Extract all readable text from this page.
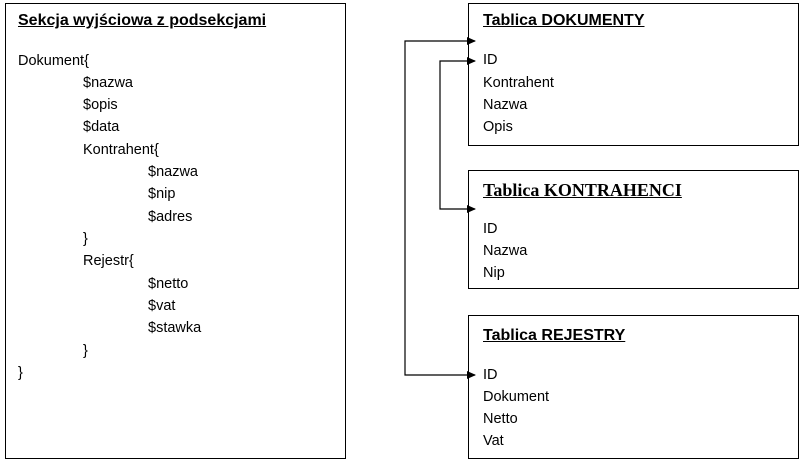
Sekcja wyjściowa z podsekcjami
Dokument{
$nazwa
$opis
$data
Kontrahent{
$nazwa
$nip
$adres
}
Rejestr{
$netto
$vat
$stawka
}
}
Tablica DOKUMENTY
ID
Kontrahent
Nazwa
Opis
Tablica KONTRAHENCI
ID
Nazwa
Nip
Tablica REJESTRY
ID
Dokument
Netto
Vat
